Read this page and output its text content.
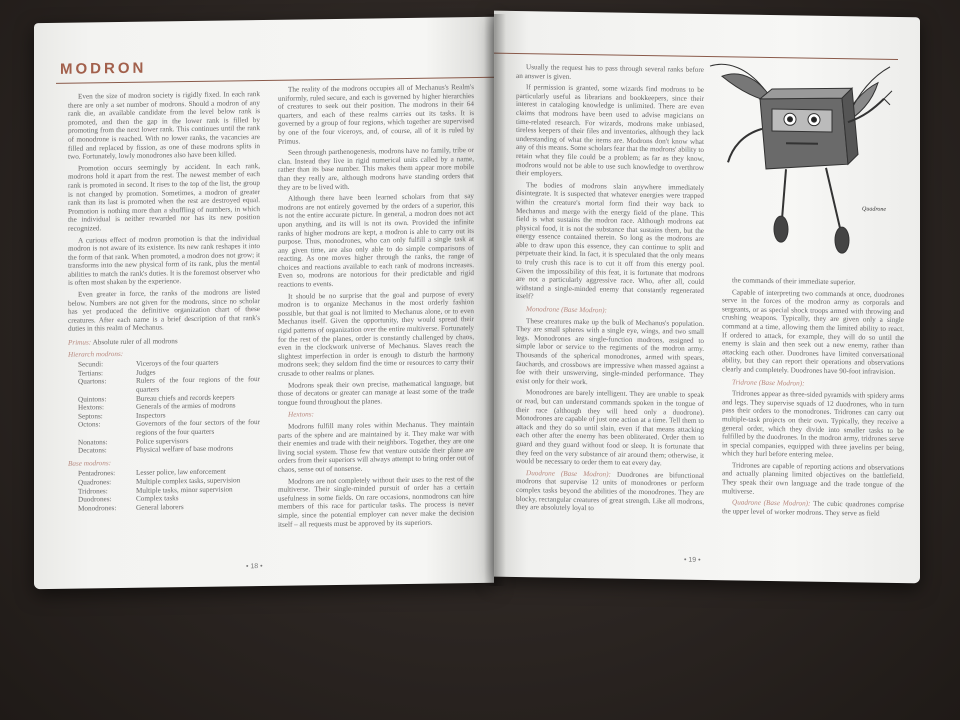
MODRON

Even the size of modron society is rigidly fixed. In each rank there are only a set number of modrons. Should a modron of any rank die, an available candidate from the level below rank is promoted, and then the gap in the lower rank is filled by promoting from the next lower rank. This continues until the rank of monodrone is reached. With no lower ranks, the vacancies are filled and replaced by fission, as one of these modrons splits in two. Fortunately, lowly monodrones also have been killed.

Promotion occurs seemingly by accident. In each rank, modrons hold it apart from the rest. The newest member of each rank is promoted in second. It rises to the top of the list, the group is not changed by promotion. Sometimes, a modron of greater rank than its last is promoted when the rest are destroyed equal. Promotion is nothing more than a shuffling of numbers, in which the individual is neither rewarded nor has its new position recognized.

A curious effect of modron promotion is that the individual modron is not aware of its existence. Its new rank reshapes it into the form of that rank. When promoted, a modron does not grow; it transforms into the new physical form of its rank, plus the mental abilities to match the rank's duties. It is the foremost observer who is often most shaken by the experience.

Even greater in force, the ranks of the modrons are listed below. Numbers are not given for the modrons, since no scholar has yet produced the definitive organization chart of these creatures. After each name is a brief description of that rank's duties in this realm of Mechanus.

Primus: Absolute ruler of all modrons

Hierarch modrons:
Secundi:	Viceroys of the four quarters
Tertians:	Judges
Quartons:	Rulers of the four regions of the four quarters
Quintons:	Bureau chiefs and records keepers
Hextons:	Generals of the armies of modrons
Septons:	Inspectors
Octons:	Governors of the four sectors of the four regions of the four quarters
Nonatons:	Police supervisors
Decatons:	Physical welfare of base modrons
Base modrons:
Pentadrones:	Lesser police, law enforcement
Quadrones:	Multiple complex tasks, supervision
Tridrones:	Multiple tasks, minor supervision
Duodrones:	Complex tasks
Monodrones:	General laborers

The reality of the modrons occupies all of Mechanus's Realm's uniformly, ruled secure, and each is governed by higher hierarchies of creatures to seek out their position. The modrons in their 64 quarters, and each of these realms carries out its tasks. It is governed by a group of four regions, which together are supervised by one of the four viceroys, and, of course, all of it is ruled by Primus.

Seen through parthenogenesis, modrons have no family, tribe or clan. Instead they live in rigid numerical units called by a name, rather than its base number. This makes them appear more mobile than they really are, although modrons have standing orders that they are to be lived with.

Although there have been learned scholars from that say modrons are not entirely governed by the orders of a superior, this is not the entire accurate picture. In general, a modron does not act upon anything, and its will is not its own. Provided the infinite ranks of higher modrons are kept, a modron is able to carry out its purpose. Thus, monodrones, who can only fulfill a single task at any given time, are also only able to do simple comparisons of reacting. As one moves higher through the ranks, the range of choices and reactions available to each rank of modrons increases. Even so, modrons are notorious for their predictable and rigid reactions to events.

It should be no surprise that the goal and purpose of every modron is to organize Mechanus in the most orderly fashion possible, but that goal is not limited to Mechanus alone, or to even Mechanus itself. Given the opportunity, they would spread their rigid patterns of organization over the entire multiverse. Fortunately for the rest of the planes, order is constantly challenged by chaos, even in the clockwork universe of Mechanus. Slaves reach the slightest imperfection in order is enough to disturb the harmony modrons seek; they seldom find the time or resources to carry their crusade to other realms or planes.

Modrons speak their own precise, mathematical language, but those of decatons or greater can manage at least some of the trade tongue found throughout the planes.

Hextons:

Modrons fulfill many roles within Mechanus. They maintain parts of the sphere and are maintained by it. They make war with their enemies and trade with their neighbors. Together, they are one living social system. Those few that venture outside their plane are orders from their superiors will always attempt to bring order out of chaos, sense out of nonsense.

Modrons are not completely without their uses to the rest of the multiverse. Their single-minded pursuit of order has a certain usefulness in some fields. On rare occasions, nonmodrons can hire members of this race for particular tasks. The process is never simple, since the potential employer can never make the decision itself – all requests must be approved by its superiors.

• 18 •

Usually the request has to pass through several ranks before an answer is given.

If permission is granted, some wizards find modrons to be particularly useful as librarians and bookkeepers, since their interest in cataloging knowledge is unlimited. There are even claims that modrons have been used to advise magicians on time-related research. For wizards, modrons make unbiased, tireless keepers of their files and inventories, although they lack understanding of what the items are. Modrons don't know what any of this means. Some scholars fear that the modrons' ability to retain what they file could be a problem; as far as they know, modrons would not be able to use such knowledge to overthrow their employers.

The bodies of modrons slain anywhere immediately disintegrate. It is suspected that whatever energies were trapped within the creature's mortal form find their way back to Mechanus and merge with the energy field of the plane. This field is what sustains the modron race. Although modrons eat physical food, it is not the substance that sustains them, but the energy essence contained therein. So long as the modrons are able to draw upon this essence, they can continue to split and perpetuate their kind. In fact, it is speculated that the only means to truly crush this race is to cut it off from this energy pool. Given the impossibility of this feat, it is fortunate that modrons are not a particularly aggressive race. Who, after all, could withstand a single-minded enemy that constantly regenerated itself?

Monodrone (Base Modron):

These creatures make up the bulk of Mechanus's population. They are small spheres with a single eye, wings, and two small legs. Monodrones are single-function modrons, assigned to simple labor or service to the regiments of the modron army. Thousands of the spherical monodrones, armed with spears, fauchards, and crossbows are impressive when massed against a foe with their unswerving, single-minded performance. They exist only for their work.

Monodrones are barely intelligent. They are unable to speak or read, but can understand commands spoken in the tongue of their race (although they will heed only a duodrone). Monodrones are capable of just one action at a time. Tell them to attack and they do so until slain, even if that means attacking each other after the enemy has been obliterated. Order them to guard and they guard without food or sleep. It is fortunate that they feed on the very substance of air around them; otherwise, it would be necessary to order them to eat every day.

Duodrone (Base Modron): Duodrones are bifunctional modrons that supervise 12 units of monodrones or perform complex tasks beyond the abilities of the monodrones. They are blocky, rectangular creatures of great strength. Like all modrons, they are absolutely loyal to

Quadrone

the commands of their immediate superior.

Capable of interpreting two commands at once, duodrones serve in the forces of the modron army as corporals and sergeants, or as special shock troops armed with throwing and crushing weapons. Typically, they are given only a single command at a time, allowing them the limited ability to react. If ordered to attack, for example, they will do so until the enemy is slain and then seek out a new enemy, rather than attacking each other. Duodrones have limited conversational ability, but they can report their operations and observations clearly and completely. Duodrones have 90-foot infravision.

Tridrone (Base Modron):

Tridrones appear as three-sided pyramids with spidery arms and legs. They supervise squads of 12 duodrones, who in turn pass their orders to the monodrones. Tridrones can carry out multiple-task projects on their own. Typically, they receive a general order, which they divide into smaller tasks to be fulfilled by the duodrones. In the modron army, tridrones serve in special companies, equipped with three javelins per being, which they hurl before entering melee.

Tridrones are capable of reporting actions and observations and actually planning limited objectives on the battlefield. They speak their own language and the trade tongue of the multiverse.

Quadrone (Base Modron): The cubic quadrones comprise the upper level of worker modrons. They serve as field

• 19 •
